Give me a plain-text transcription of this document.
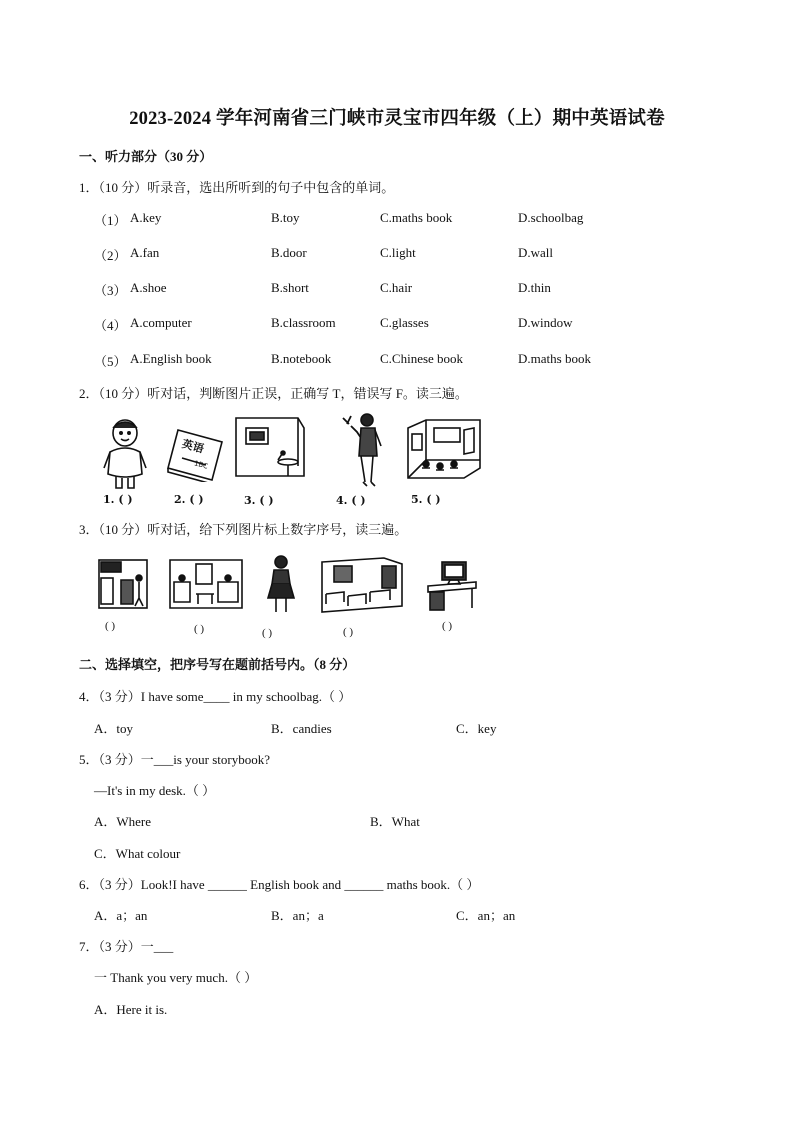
2023-2024 学年河南省三门峡市灵宝市四年级（上）期中英语试卷
一、听力部分（30 分）
1．（10 分）听录音，选出所听到的句子中包含的单词。
（1） A.key	B.toy	C.maths book	D.schoolbag
（2） A.fan	B.door	C.light	D.wall
（3） A.shoe	B.short	C.hair	D.thin
（4） A.computer	B.classroom	C.glasses	D.window
（5） A.English book	B.notebook	C.Chinese book	D.maths book
2．（10 分）听对话，判断图片正误，正确写 T，错误写 F。读三遍。
1. ( )
英语
1BC
2. ( )	3. ( )	4. ( )	5. ( )
3．（10 分）听对话，给下列图片标上数字序号，读三遍。
( )	( )	( )	( )	( )
二、选择填空，把序号写在题前括号内。（8 分）
4．（3 分）I have some____ in my schoolbag.（ ）
A．toy	B．candies	C．key
5．（3 分）一___is your storybook?
—It's in my desk.（ ）
A．Where	B．What
C．What colour
6．（3 分）Look!I have ______ English book and ______ maths book.（ ）
A．a；an	B．an；a	C．an；an
7．（3 分）一___
一 Thank you very much.（ ）
A．Here it is.
